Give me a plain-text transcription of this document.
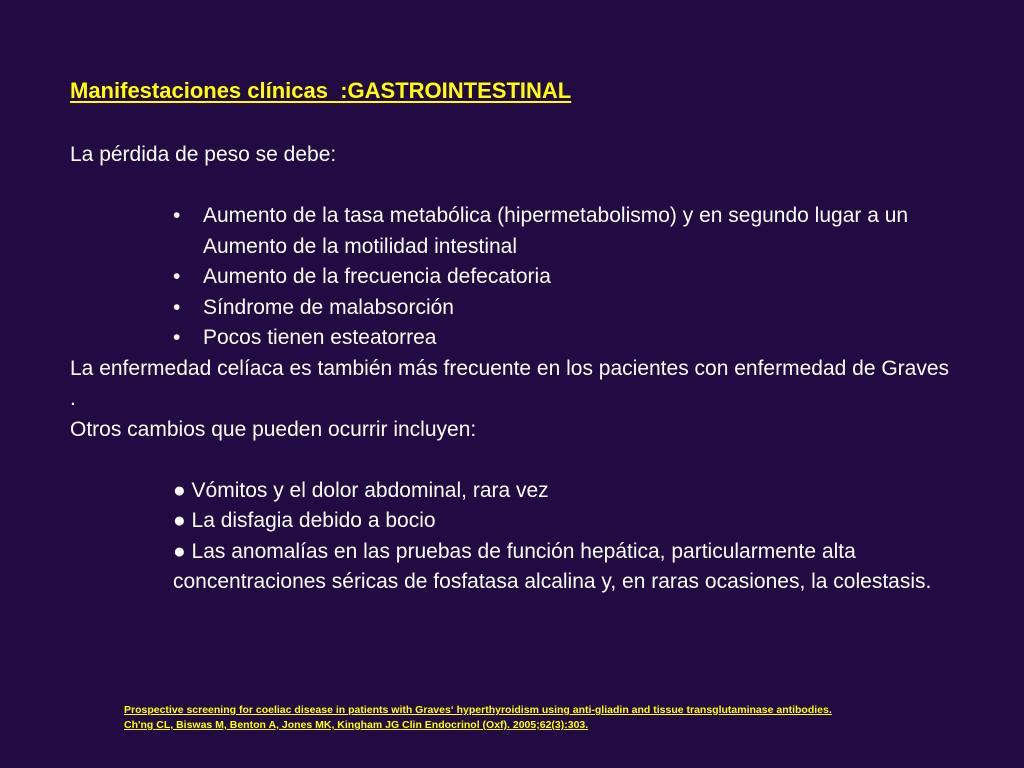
Manifestaciones clínicas  :GASTROINTESTINAL

La pérdida de peso se debe:

• Aumento de la tasa metabólica (hipermetabolismo) y en segundo lugar a un Aumento de la motilidad intestinal
• Aumento de la frecuencia defecatoria
• Síndrome de malabsorción
• Pocos tienen esteatorrea

La enfermedad celíaca es también más frecuente en los pacientes con enfermedad de Graves .

Otros cambios que pueden ocurrir incluyen:

● Vómitos y el dolor abdominal, rara vez

● La disfagia debido a bocio

● Las anomalías en las pruebas de función hepática, particularmente alta concentraciones séricas de fosfatasa alcalina y, en raras ocasiones, la colestasis.

Prospective screening for coeliac disease in patients with Graves‘ hyperthyroidism using anti-gliadin and tissue transglutaminase antibodies.
Ch'ng CL, Biswas M, Benton A, Jones MK, Kingham JG Clin Endocrinol (Oxf). 2005;62(3):303.
